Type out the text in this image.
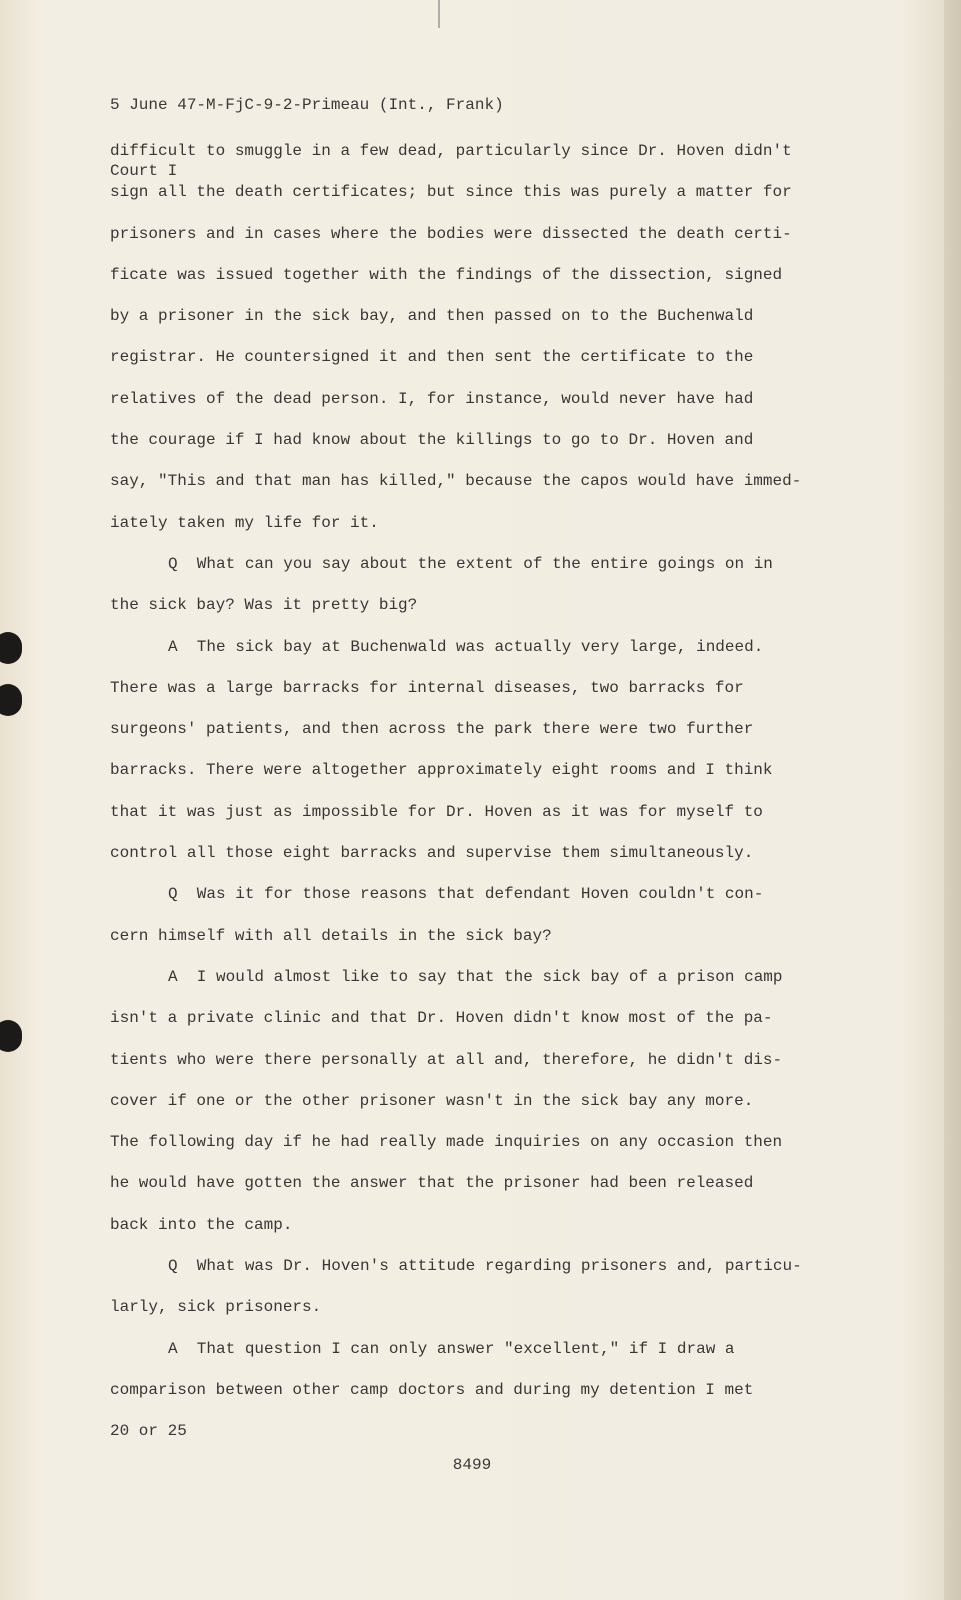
5 June 47-M-FjC-9-2-Primeau (Int., Frank)

Court I

difficult to smuggle in a few dead, particularly since Dr. Hoven didn't
sign all the death certificates; but since this was purely a matter for
prisoners and in cases where the bodies were dissected the death certi-
ficate was issued together with the findings of the dissection, signed
by a prisoner in the sick bay, and then passed on to the Buchenwald
registrar. He countersigned it and then sent the certificate to the
relatives of the dead person. I, for instance, would never have had
the courage if I had know about the killings to go to Dr. Hoven and
say, "This and that man has killed," because the capos would have immed-
iately taken my life for it.
Q  What can you say about the extent of the entire goings on in
the sick bay? Was it pretty big?
A  The sick bay at Buchenwald was actually very large, indeed.
There was a large barracks for internal diseases, two barracks for
surgeons' patients, and then across the park there were two further
barracks. There were altogether approximately eight rooms and I think
that it was just as impossible for Dr. Hoven as it was for myself to
control all those eight barracks and supervise them simultaneously.
Q  Was it for those reasons that defendant Hoven couldn't con-
cern himself with all details in the sick bay?
A  I would almost like to say that the sick bay of a prison camp
isn't a private clinic and that Dr. Hoven didn't know most of the pa-
tients who were there personally at all and, therefore, he didn't dis-
cover if one or the other prisoner wasn't in the sick bay any more.
The following day if he had really made inquiries on any occasion then
he would have gotten the answer that the prisoner had been released
back into the camp.
Q  What was Dr. Hoven's attitude regarding prisoners and, particu-
larly, sick prisoners.
A  That question I can only answer "excellent," if I draw a
comparison between other camp doctors and during my detention I met
20 or 25
8499
